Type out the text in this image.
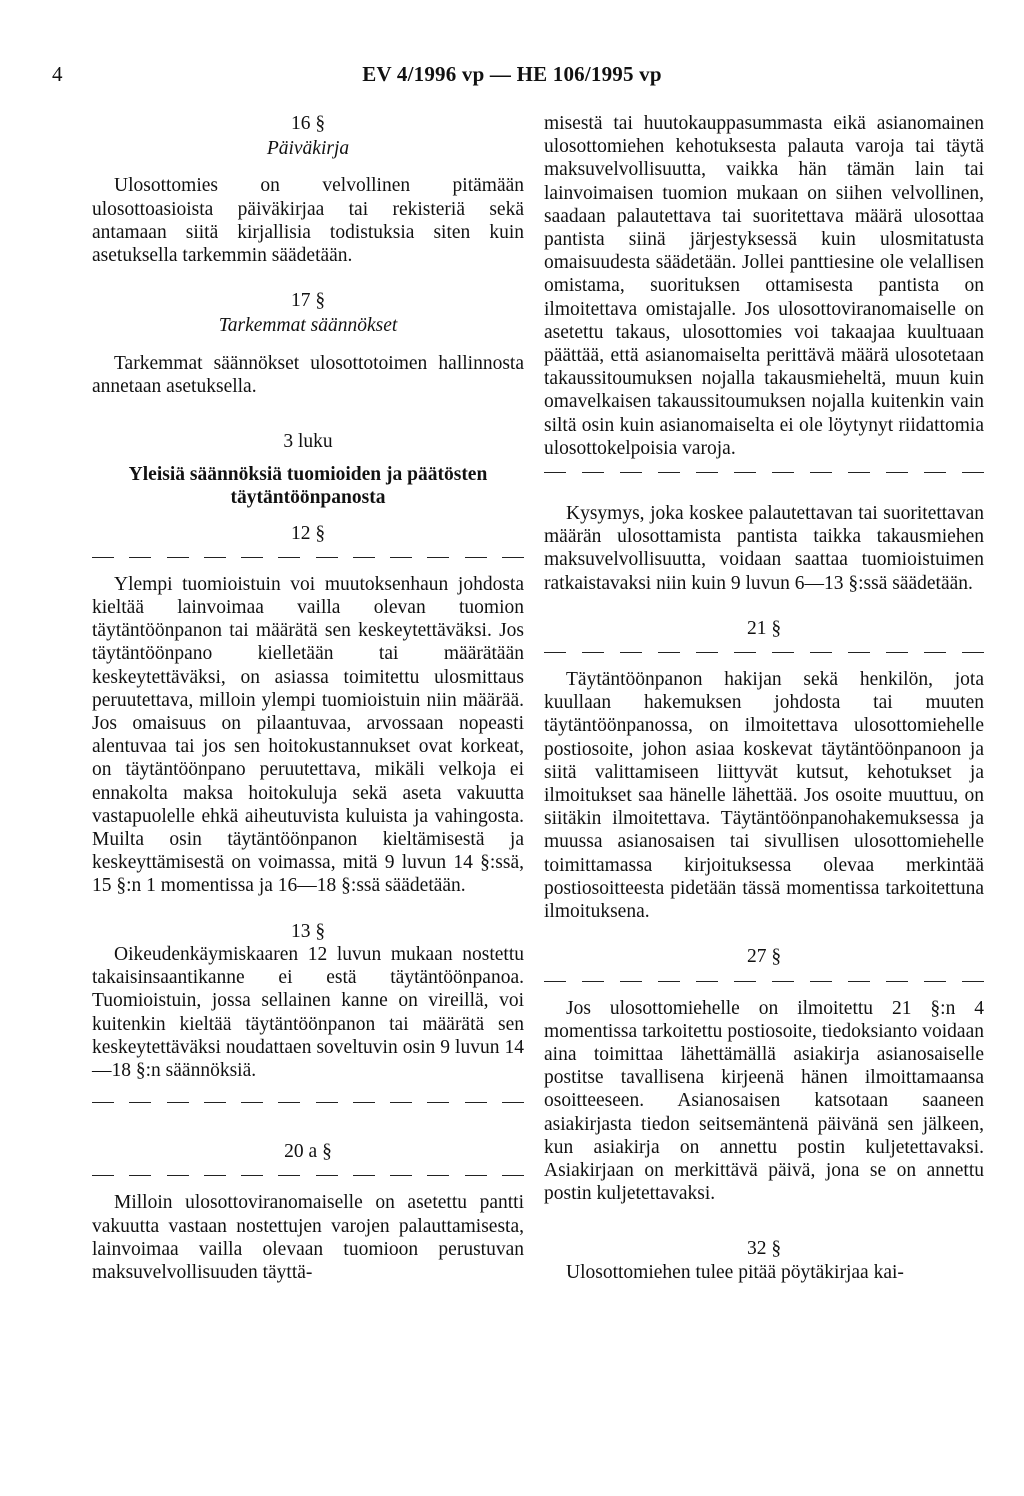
4	EV 4/1996 vp — HE 106/1995 vp
16 §
Päiväkirja

Ulosottomies on velvollinen pitämään ulosottoasioista päiväkirjaa tai rekisteriä sekä antamaan siitä kirjallisia todistuksia siten kuin asetuksella tarkemmin säädetään.

17 §
Tarkemmat säännökset

Tarkemmat säännökset ulosottotoimen hallinnosta annetaan asetuksella.

3 luku
Yleisiä säännöksiä tuomioiden ja päätösten täytäntöönpanosta
12 §

Ylempi tuomioistuin voi muutoksenhaun johdosta kieltää lainvoimaa vailla olevan tuomion täytäntöönpanon tai määrätä sen keskeytettäväksi. Jos täytäntöönpano kielletään tai määrätään keskeytettäväksi, on asiassa toimitettu ulosmittaus peruutettava, milloin ylempi tuomioistuin niin määrää. Jos omaisuus on pilaantuvaa, arvossaan nopeasti alentuvaa tai jos sen hoitokustannukset ovat korkeat, on täytäntöönpano peruutettava, mikäli velkoja ei ennakolta maksa hoitokuluja sekä aseta vakuutta vastapuolelle ehkä aiheutuvista kuluista ja vahingosta. Muilta osin täytäntöönpanon kieltämisestä ja keskeyttämisestä on voimassa, mitä 9 luvun 14 §:ssä, 15 §:n 1 momentissa ja 16—18 §:ssä säädetään.

13 §

Oikeudenkäymiskaaren 12 luvun mukaan nostettu takaisinsaantikanne ei estä täytäntöönpanoa. Tuomioistuin, jossa sellainen kanne on vireillä, voi kuitenkin kieltää täytäntöönpanon tai määrätä sen keskeytettäväksi noudattaen soveltuvin osin 9 luvun 14—18 §:n säännöksiä.

20 a §

Milloin ulosottoviranomaiselle on asetettu pantti vakuutta vastaan nostettujen varojen palauttamisesta, lainvoimaa vailla olevaan tuomioon perustuvan maksuvelvollisuuden täyttä-

misestä tai huutokauppasummasta eikä asianomainen ulosottomiehen kehotuksesta palauta varoja tai täytä maksuvelvollisuutta, vaikka hän tämän lain tai lainvoimaisen tuomion mukaan on siihen velvollinen, saadaan palautettava tai suoritettava määrä ulosottaa pantista siinä järjestyksessä kuin ulosmitatusta omaisuudesta säädetään. Jollei panttiesine ole velallisen omistama, suorituksen ottamisesta pantista on ilmoitettava omistajalle. Jos ulosottoviranomaiselle on asetettu takaus, ulosottomies voi takaajaa kuultuaan päättää, että asianomaiselta perittävä määrä ulosotetaan takaussitoumuksen nojalla takausmieheltä, muun kuin omavelkaisen takaussitoumuksen nojalla kuitenkin vain siltä osin kuin asianomaiselta ei ole löytynyt riidattomia ulosottokelpoisia varoja.

Kysymys, joka koskee palautettavan tai suoritettavan määrän ulosottamista pantista taikka takausmiehen maksuvelvollisuutta, voidaan saattaa tuomioistuimen ratkaistavaksi niin kuin 9 luvun 6—13 §:ssä säädetään.

21 §

Täytäntöönpanon hakijan sekä henkilön, jota kuullaan hakemuksen johdosta tai muuten täytäntöönpanossa, on ilmoitettava ulosottomiehelle postiosoite, johon asiaa koskevat täytäntöönpanoon ja siitä valittamiseen liittyvät kutsut, kehotukset ja ilmoitukset saa hänelle lähettää. Jos osoite muuttuu, on siitäkin ilmoitettava. Täytäntöönpanohakemuksessa ja muussa asianosaisen tai sivullisen ulosottomiehelle toimittamassa kirjoituksessa olevaa merkintää postiosoitteesta pidetään tässä momentissa tarkoitettuna ilmoituksena.

27 §

Jos ulosottomiehelle on ilmoitettu 21 §:n 4 momentissa tarkoitettu postiosoite, tiedoksianto voidaan aina toimittaa lähettämällä asiakirja asianosaiselle postitse tavallisena kirjeenä hänen ilmoittamaansa osoitteeseen. Asianosaisen katsotaan saaneen asiakirjasta tiedon seitsemäntenä päivänä sen jälkeen, kun asiakirja on annettu postin kuljetettavaksi. Asiakirjaan on merkittävä päivä, jona se on annettu postin kuljetettavaksi.

32 §

Ulosottomiehen tulee pitää pöytäkirjaa kai-
